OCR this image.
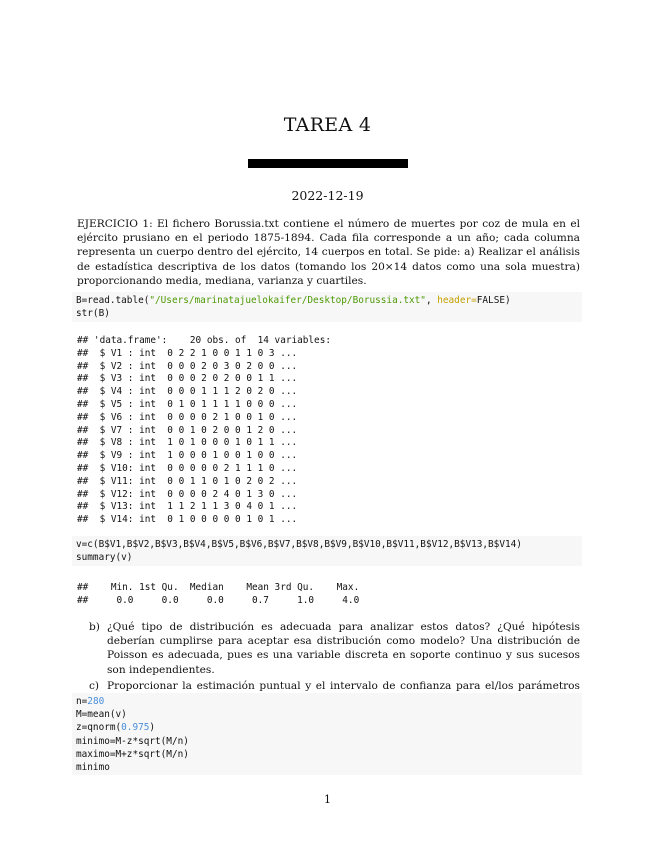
TAREA 4
2022-12-19
EJERCICIO 1: El fichero Borussia.txt contiene el número de muertes por coz de mula en el ejército prusiano en el periodo 1875-1894. Cada fila corresponde a un año; cada columna representa un cuerpo dentro del ejército, 14 cuerpos en total. Se pide: a) Realizar el análisis de estadística descriptiva de los datos (tomando los 20×14 datos como una sola muestra) proporcionando media, mediana, varianza y cuartiles.
B=read.table("/Users/marinatajuelokaifer/Desktop/Borussia.txt", header=FALSE)
str(B)
## 'data.frame':    20 obs. of  14 variables:
##  $ V1 : int  0 2 2 1 0 0 1 1 0 3 ...
##  $ V2 : int  0 0 0 2 0 3 0 2 0 0 ...
##  $ V3 : int  0 0 0 2 0 2 0 0 1 1 ...
##  $ V4 : int  0 0 0 1 1 1 2 0 2 0 ...
##  $ V5 : int  0 1 0 1 1 1 1 0 0 0 ...
##  $ V6 : int  0 0 0 0 2 1 0 0 1 0 ...
##  $ V7 : int  0 0 1 0 2 0 0 1 2 0 ...
##  $ V8 : int  1 0 1 0 0 0 1 0 1 1 ...
##  $ V9 : int  1 0 0 0 1 0 0 1 0 0 ...
##  $ V10: int  0 0 0 0 0 2 1 1 1 0 ...
##  $ V11: int  0 0 1 1 0 1 0 2 0 2 ...
##  $ V12: int  0 0 0 0 2 4 0 1 3 0 ...
##  $ V13: int  1 1 2 1 1 3 0 4 0 1 ...
##  $ V14: int  0 1 0 0 0 0 0 1 0 1 ...
v=c(B$V1,B$V2,B$V3,B$V4,B$V5,B$V6,B$V7,B$V8,B$V9,B$V10,B$V11,B$V12,B$V13,B$V14)
summary(v)
##    Min. 1st Qu.  Median    Mean 3rd Qu.    Max.
##     0.0     0.0     0.0     0.7     1.0     4.0
b) ¿Qué tipo de distribución es adecuada para analizar estos datos? ¿Qué hipótesis deberían cumplirse para aceptar esa distribución como modelo? Una distribución de Poisson es adecuada, pues es una variable discreta en soporte continuo y sus sucesos son independientes.
c) Proporcionar la estimación puntual y el intervalo de confianza para el/los parámetros
n=280
M=mean(v)
z=qnorm(0.975)
minimo=M-z*sqrt(M/n)
maximo=M+z*sqrt(M/n)
minimo
1
